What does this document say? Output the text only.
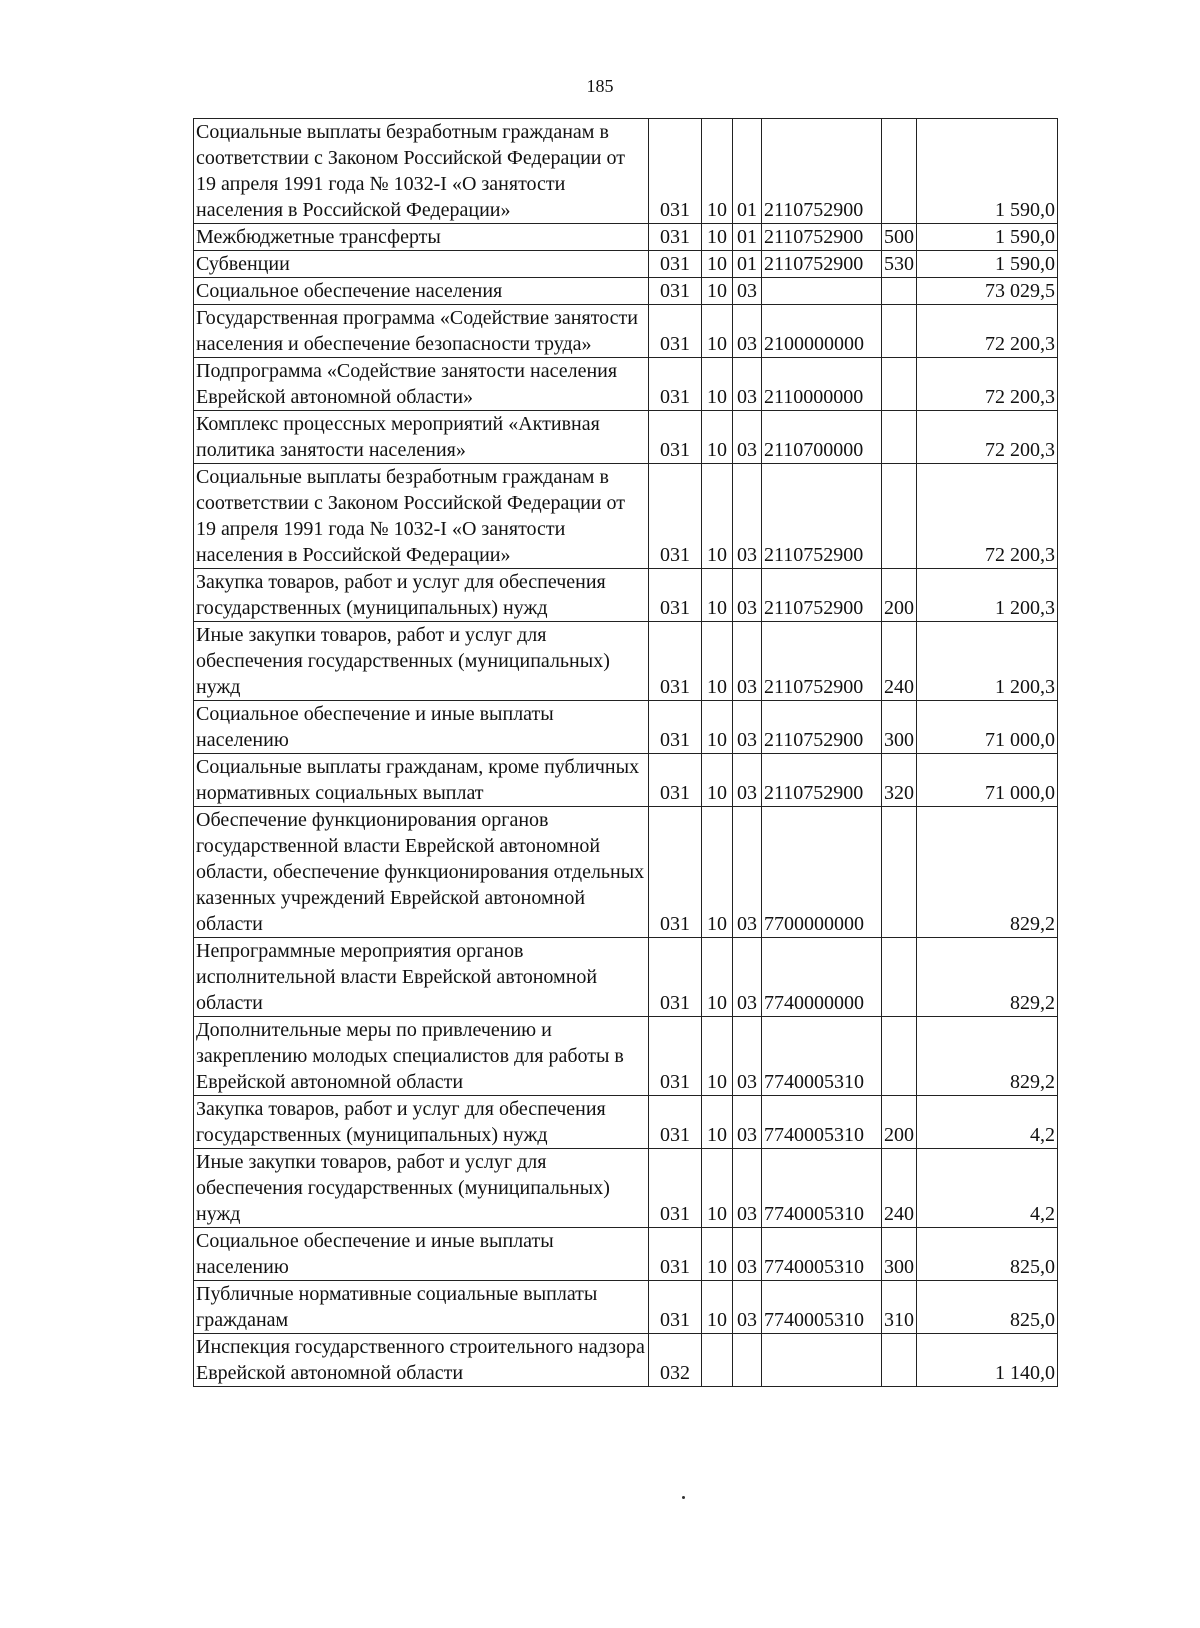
185
Социальные выплаты безработным гражданам в соответствии с Законом Российской Федерации от 19 апреля 1991 года № 1032-I «О занятости населения в Российской Федерации»	031	10	01	2110752900		1 590,0
Межбюджетные трансферты	031	10	01	2110752900	500	1 590,0
Субвенции	031	10	01	2110752900	530	1 590,0
Социальное обеспечение населения	031	10	03			73 029,5
Государственная программа «Содействие занятости населения и обеспечение безопасности труда»	031	10	03	2100000000		72 200,3
Подпрограмма «Содействие занятости населения Еврейской автономной области»	031	10	03	2110000000		72 200,3
Комплекс процессных мероприятий «Активная политика занятости населения»	031	10	03	2110700000		72 200,3
Социальные выплаты безработным гражданам в соответствии с Законом Российской Федерации от 19 апреля 1991 года № 1032-I «О занятости населения в Российской Федерации»	031	10	03	2110752900		72 200,3
Закупка товаров, работ и услуг для обеспечения государственных (муниципальных) нужд	031	10	03	2110752900	200	1 200,3
Иные закупки товаров, работ и услуг для обеспечения государственных (муниципальных) нужд	031	10	03	2110752900	240	1 200,3
Социальное обеспечение и иные выплаты населению	031	10	03	2110752900	300	71 000,0
Социальные выплаты гражданам, кроме публичных нормативных социальных выплат	031	10	03	2110752900	320	71 000,0
Обеспечение функционирования органов государственной власти Еврейской автономной области, обеспечение функционирования отдельных казенных учреждений Еврейской автономной области	031	10	03	7700000000		829,2
Непрограммные мероприятия органов исполнительной власти Еврейской автономной области	031	10	03	7740000000		829,2
Дополнительные меры по привлечению и закреплению молодых специалистов для работы в Еврейской автономной области	031	10	03	7740005310		829,2
Закупка товаров, работ и услуг для обеспечения государственных (муниципальных) нужд	031	10	03	7740005310	200	4,2
Иные закупки товаров, работ и услуг для обеспечения государственных (муниципальных) нужд	031	10	03	7740005310	240	4,2
Социальное обеспечение и иные выплаты населению	031	10	03	7740005310	300	825,0
Публичные нормативные социальные выплаты гражданам	031	10	03	7740005310	310	825,0
Инспекция государственного строительного надзора Еврейской автономной области	032					1 140,0
